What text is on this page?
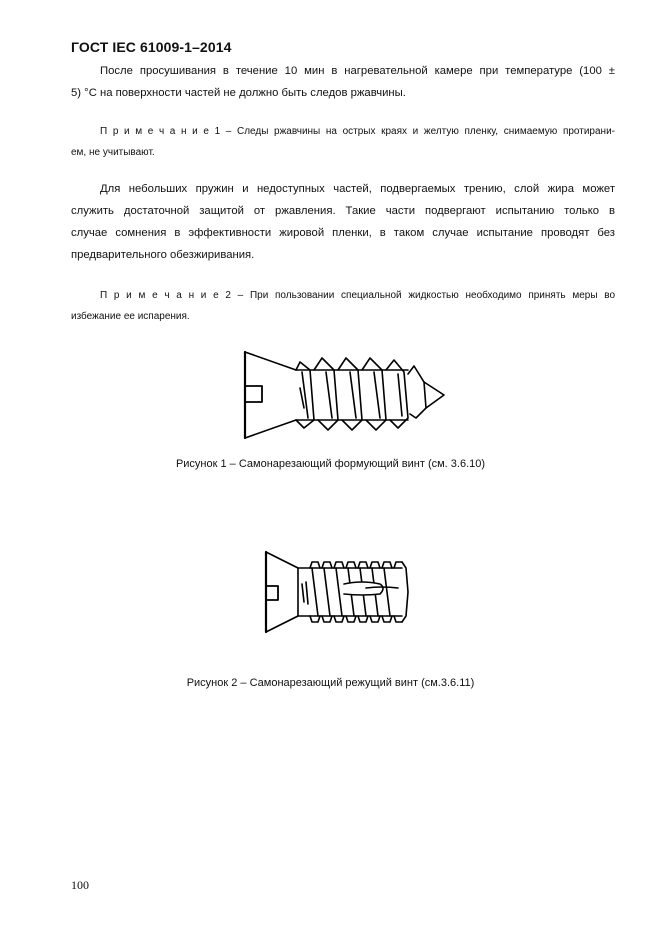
ГОСТ IEC 61009-1–2014
После просушивания в течение 10 мин в нагревательной камере при температуре (100 ±
5) °С на поверхности частей не должно быть следов ржавчины.
П р и м е ч а н и е 1 – Следы ржавчины на острых краях и желтую пленку, снимаемую протирани-
ем, не учитывают.
Для небольших пружин и недоступных частей, подвергаемых трению, слой жира может
служить достаточной защитой от ржавления. Такие части подвергают испытанию только в
случае сомнения в эффективности жировой пленки, в таком случае испытание проводят без
предварительного обезжиривания.
П р и м е ч а н и е 2 – При пользовании специальной жидкостью необходимо принять меры во
избежание ее испарения.
Рисунок 1 – Самонарезающий формующий винт (см. 3.6.10)
Рисунок 2 – Самонарезающий режущий винт (см.3.6.11)
100
